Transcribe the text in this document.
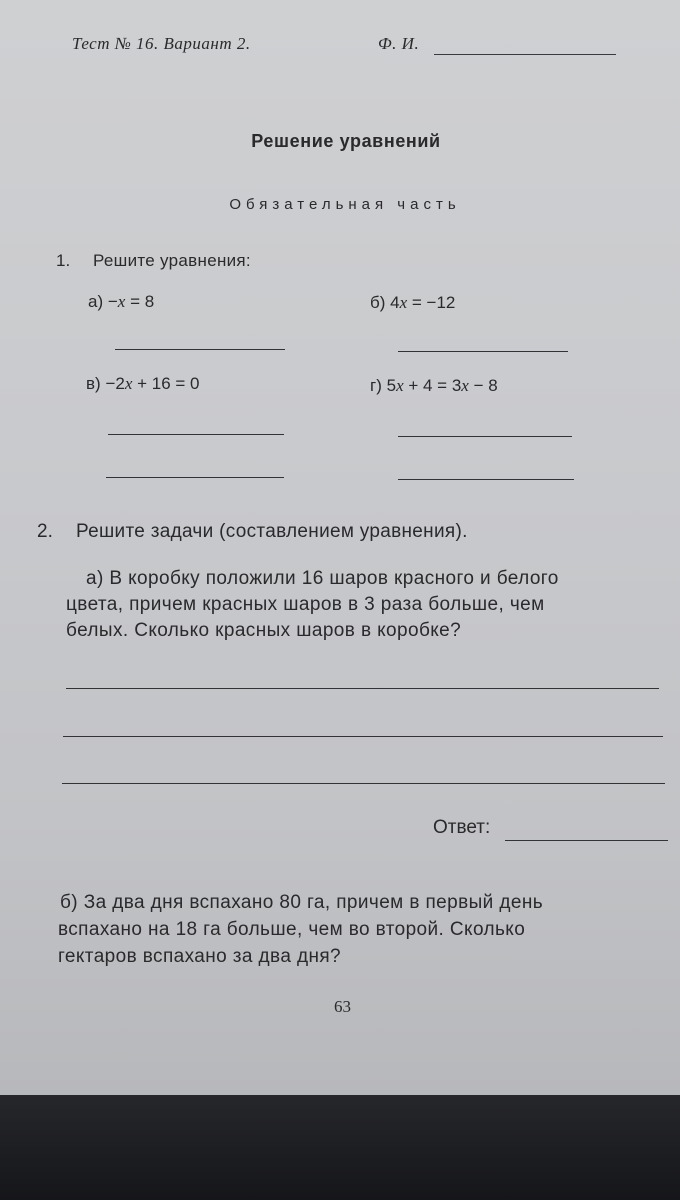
Тест № 16. Вариант 2.	Ф. И.
Решение уравнений
Обязательная часть
1. Решите уравнения:
а) −x = 8	б) 4x = −12
в) −2x + 16 = 0	г) 5x + 4 = 3x − 8
2. Решите задачи (составлением уравнения).
а) В коробку положили 16 шаров красного и белого
цвета, причем красных шаров в 3 раза больше, чем
белых. Сколько красных шаров в коробке?
Ответ:
б) За два дня вспахано 80 га, причем в первый день
вспахано на 18 га больше, чем во второй. Сколько
гектаров вспахано за два дня?
63
